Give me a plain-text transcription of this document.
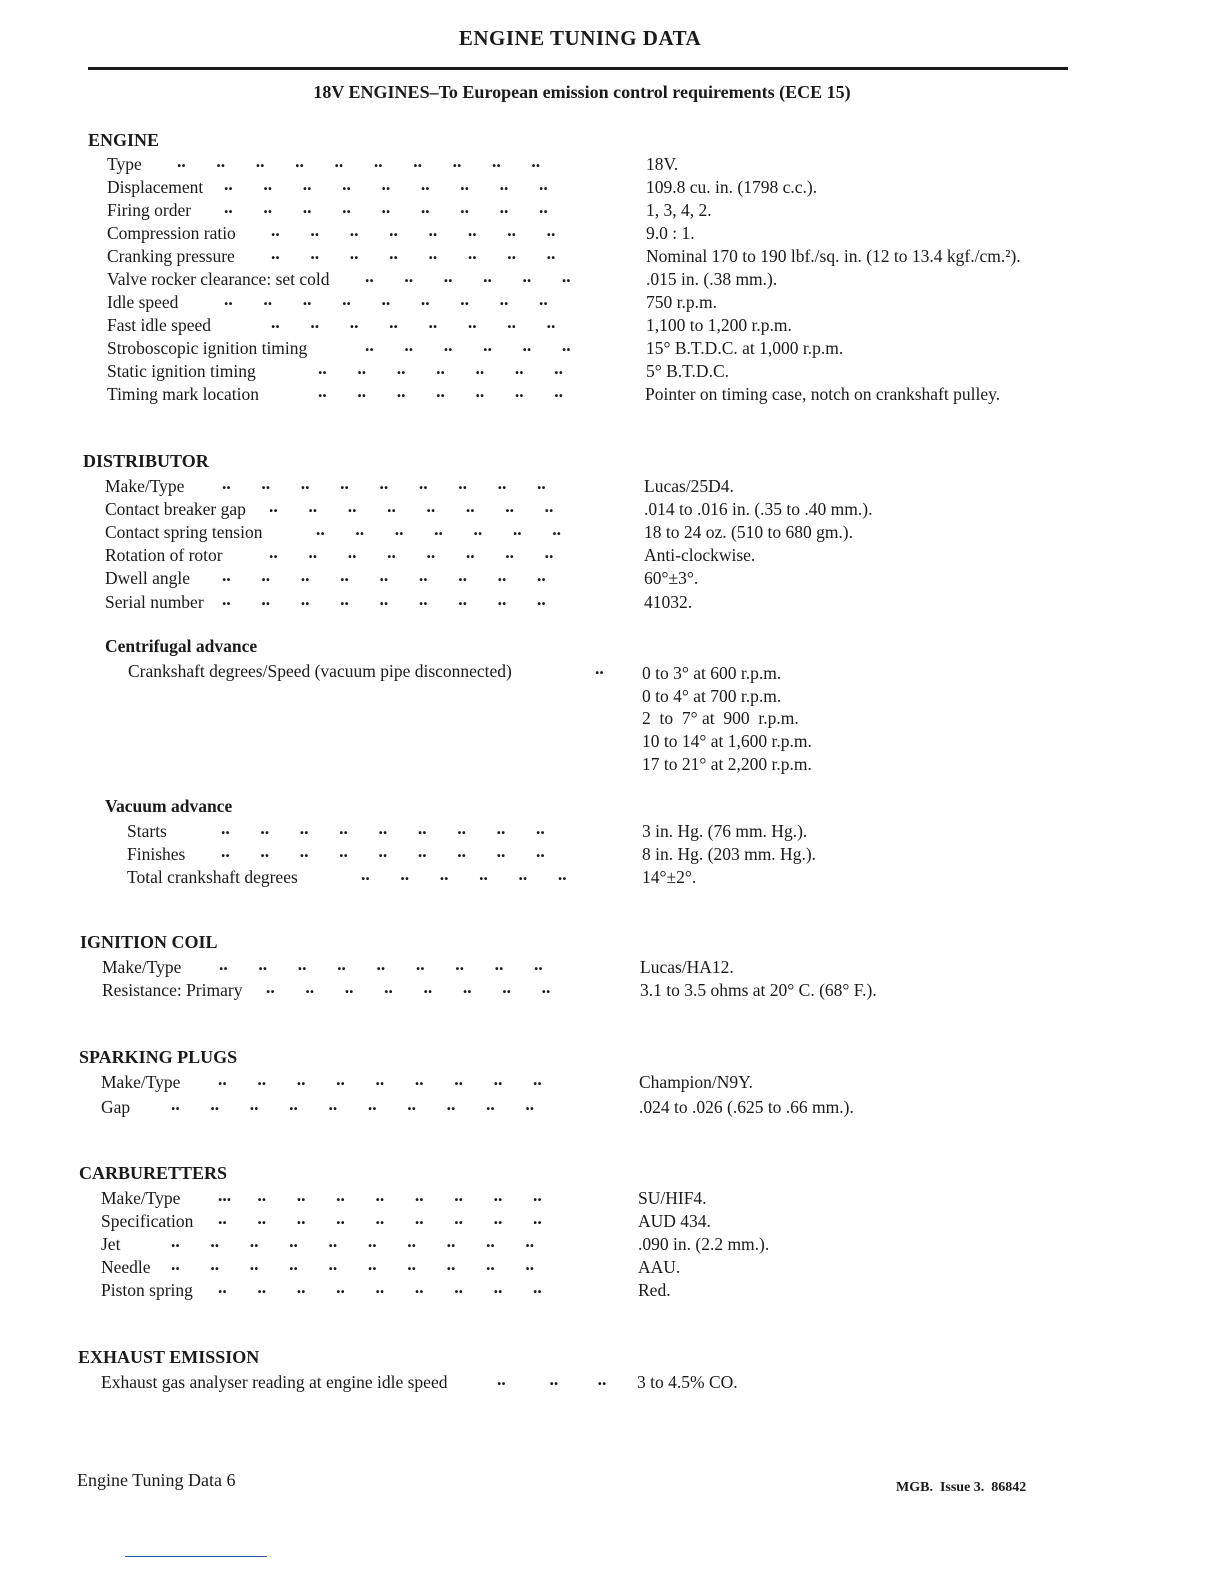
ENGINE TUNING DATA
18V ENGINES–To European emission control requirements (ECE 15)
ENGINE
Type ..       ..       ..       ..       ..       ..       ..       ..       ..       ..	18V.
Displacement ..       ..       ..       ..       ..       ..       ..       ..       ..	109.8 cu. in. (1798 c.c.).
Firing order ..       ..       ..       ..       ..       ..       ..       ..       ..	1, 3, 4, 2.
Compression ratio ..       ..       ..       ..       ..       ..       ..       ..	9.0 : 1.
Cranking pressure ..       ..       ..       ..       ..       ..       ..       ..	Nominal 170 to 190 lbf./sq. in. (12 to 13.4 kgf./cm.²).
Valve rocker clearance: set cold ..       ..       ..       ..       ..       ..	.015 in. (.38 mm.).
Idle speed	..       ..       ..       ..       ..       ..       ..       ..       ..	750 r.p.m.
Fast idle speed	..       ..       ..       ..       ..       ..       ..       ..	1,100 to 1,200 r.p.m.
Stroboscopic ignition timing	..       ..       ..       ..       ..       ..	15° B.T.D.C. at 1,000 r.p.m.
Static ignition timing	..       ..       ..       ..       ..       ..       ..	5° B.T.D.C.
Timing mark location	..       ..       ..       ..       ..       ..       ..	Pointer on timing case, notch on crankshaft pulley.
DISTRIBUTOR
Make/Type ..       ..       ..       ..       ..       ..       ..       ..       ..	Lucas/25D4.
Contact breaker gap ..       ..       ..       ..       ..       ..       ..       ..	.014 to .016 in. (.35 to .40 mm.).
Contact spring tension	..       ..       ..       ..       ..       ..       ..	18 to 24 oz. (510 to 680 gm.).
Rotation of rotor	..       ..       ..       ..       ..       ..       ..       ..	Anti-clockwise.
Dwell angle ..       ..       ..       ..       ..       ..       ..       ..       ..	60°±3°.
Serial number ..       ..       ..       ..       ..       ..       ..       ..       ..	41032.
Centrifugal advance
Crankshaft degrees/Speed (vacuum pipe disconnected)	.. 0 to 3° at 600 r.p.m.
0 to 4° at 700 r.p.m.
2  to  7° at  900  r.p.m.
10 to 14° at 1,600 r.p.m.
17 to 21° at 2,200 r.p.m.
Vacuum advance
Starts	..       ..       ..       ..       ..       ..       ..       ..       ..	3 in. Hg. (76 mm. Hg.).
Finishes ..       ..       ..       ..       ..       ..       ..       ..       ..	8 in. Hg. (203 mm. Hg.).
Total crankshaft degrees	..       ..       ..       ..       ..       ..	14°±2°.
IGNITION COIL
Make/Type ..       ..       ..       ..       ..       ..       ..       ..       ..	Lucas/HA12.
Resistance: Primary ..       ..       ..       ..       ..       ..       ..       ..	3.1 to 3.5 ohms at 20° C. (68° F.).
SPARKING PLUGS
Make/Type ..       ..       ..       ..       ..       ..       ..       ..       ..	Champion/N9Y.
Gap ..       ..       ..       ..       ..       ..       ..       ..       ..       ..	.024 to .026 (.625 to .66 mm.).
CARBURETTERS
Make/Type ...      ..       ..       ..       ..       ..       ..       ..       ..	SU/HIF4.
Specification ..       ..       ..       ..       ..       ..       ..       ..       ..	AUD 434.
Jet	..       ..       ..       ..       ..       ..       ..       ..       ..       ..	.090 in. (2.2 mm.).
Needle ..       ..       ..       ..       ..       ..       ..       ..       ..       ..	AAU.
Piston spring ..       ..       ..       ..       ..       ..       ..       ..       ..	Red.
EXHAUST EMISSION
Exhaust gas analyser reading at engine idle speed	..          ..         .. 3 to 4.5% CO.
Engine Tuning Data 6	MGB.  Issue 3.  86842
